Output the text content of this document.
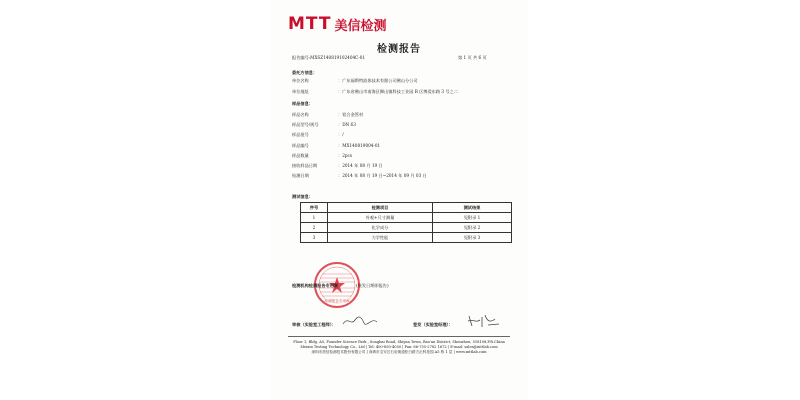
MTT 美信检测
检测报告
报告编号:MXSZ140819102404C-01	第 1 页 共 6 页
委托方信息：
单位名称	：广东福斯特流体技术有限公司佛山分公司
单位地址	：广东省佛山市南海区狮山镇科技工业园 B 区博爱东路 3 号之二
样品信息：
样品名称	：铝合金管材
样品型号/规号	：DN 63
样品批号	：/
样品编号	：MX140819004-01
样品数量	：2pcs
接收样品日期	：2014 年 08 月 19 日
检测日期	：2014 年 08 月 19 日~2014 年 09 月 03 日
测试信息：
序号	检测项目	测试结果
1	外观+尺寸测量	见附录 1
2	化学成分	见附录 2
3	力学性能	见附录 3
检测报告专用章
检测机构检测报告专用章	(签发日期即报告)
审核（实验室工程师）：	签发（实验室经理）：
Floor 1, Bldg. A5, Founder Science Park , Songbai Road, Shiyan Town, Bao'an District, Shenzhen, 518108,P.R.China
Meixin Testing Technology Co., Ltd | Tel: 400-850-4050 | Fax: 86-755-2782 1672 | E-mail: sales@mttlab.com
深圳市美信检测技术股份有限公司 | 深圳市宝安区石岩街道松白路方正科技园 A5 栋 1 层 | www.mttlab.com
